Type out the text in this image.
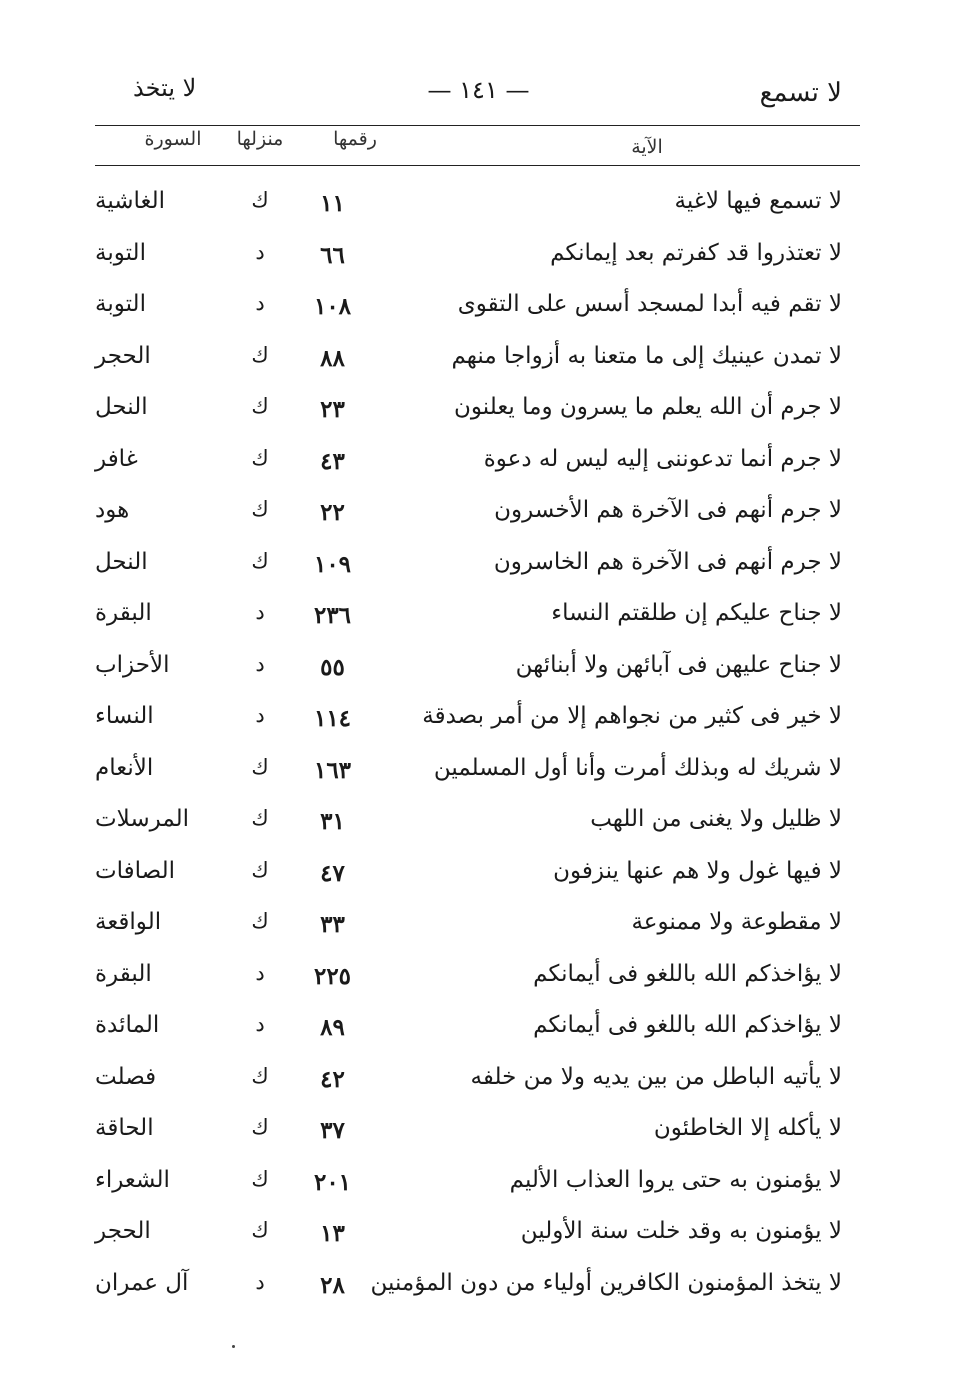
لا تسمع
— ١٤١ —
لا يتخذ
الآية
رقمها
منزلها
السورة
لا تسمع فيها لاغية
١١
ك
الغاشية
لا تعتذروا قد كفرتم بعد إيمانكم
٦٦
د
التوبة
لا تقم فيه أبدا لمسجد أسس على التقوى
١٠٨
د
التوبة
لا تمدن عينيك إلى ما متعنا به أزواجا منهم
٨٨
ك
الحجر
لا جرم أن الله يعلم ما يسرون وما يعلنون
٢٣
ك
النحل
لا جرم أنما تدعوننى إليه ليس له دعوة
٤٣
ك
غافر
لا جرم أنهم فى الآخرة هم الأخسرون
٢٢
ك
هود
لا جرم أنهم فى الآخرة هم الخاسرون
١٠٩
ك
النحل
لا جناح عليكم إن طلقتم النساء
٢٣٦
د
البقرة
لا جناح عليهن فى آبائهن ولا أبنائهن
٥٥
د
الأحزاب
لا خير فى كثير من نجواهم إلا من أمر بصدقة
١١٤
د
النساء
لا شريك له وبذلك أمرت وأنا أول المسلمين
١٦٣
ك
الأنعام
لا ظليل ولا يغنى من اللهب
٣١
ك
المرسلات
لا فيها غول ولا هم عنها ينزفون
٤٧
ك
الصافات
لا مقطوعة ولا ممنوعة
٣٣
ك
الواقعة
لا يؤاخذكم الله باللغو فى أيمانكم
٢٢٥
د
البقرة
لا يؤاخذكم الله باللغو فى أيمانكم
٨٩
د
المائدة
لا يأتيه الباطل من بين يديه ولا من خلفه
٤٢
ك
فصلت
لا يأكله إلا الخاطئون
٣٧
ك
الحاقة
لا يؤمنون به حتى يروا العذاب الأليم
٢٠١
ك
الشعراء
لا يؤمنون به وقد خلت سنة الأولين
١٣
ك
الحجر
لا يتخذ المؤمنون الكافرين أولياء من دون المؤمنين
٢٨
د
آل عمران
